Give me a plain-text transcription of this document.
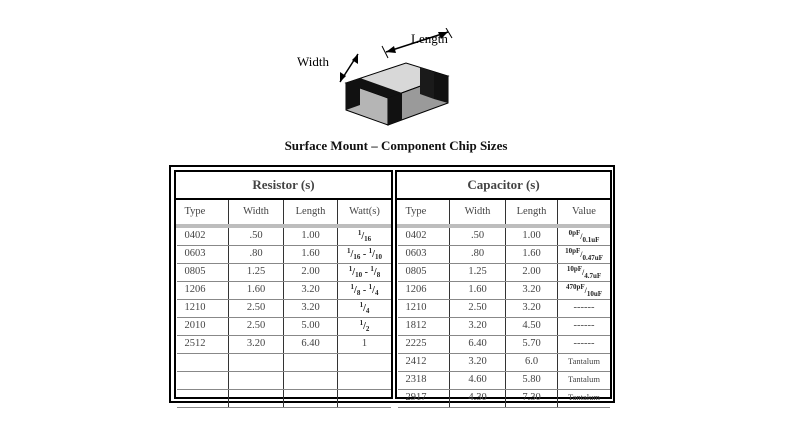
Length
Width
Surface Mount – Component Chip Sizes
Resistor (s)
Type	Width	Length	Watt(s)

0402	.50	1.00	$^1/_{16}$
0603	.80	1.60	$^1/_{16} - ^1/_{10}$
0805	1.25	2.00	$^1/_{10} - ^1/_8$
1206	1.60	3.20	$^1/_8 - ^1/_4$
1210	2.50	3.20	$^1/_4$
2010	2.50	5.00	$^1/_2$
2512	3.20	6.40	1

Capacitor (s)
Type	Width	Length	Value

0402	.50	1.00	$^{0pF}/_{0.1uF}$
0603	.80	1.60	$^{10pF}/_{0.47uF}$
0805	1.25	2.00	$^{10pF}/_{4.7uF}$
1206	1.60	3.20	$^{470pF}/_{10uF}$
1210	2.50	3.20	------
1812	3.20	4.50	------
2225	6.40	5.70	------
2412	3.20	6.0	Tantalum
2318	4.60	5.80	Tantalum
2917	4.30	7.30	Tantalum
